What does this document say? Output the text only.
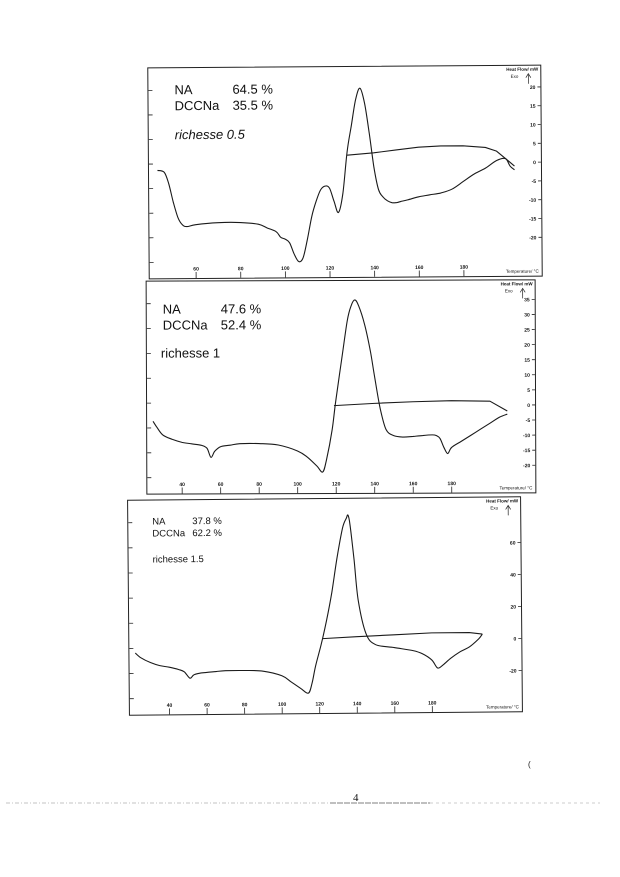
20
15
10
5
0
-5
-10
-15
-20
60	80	100	120	140	160	180
NA	64.5 %
DCCNa 35.5 %
richesse 0.5
Heat Flow/ mW
Exo
Temperature/ °C
35
30
25
20
15
10
5
0
-5
-10
-15
-20
40	60	80	100	120	140	160	180
NA	47.6 %
DCCNa 52.4 %
richesse 1
Heat Flow/ mW
Exo
Temperature/ °C
60
40
20
0
-20
40	60	80	100	120	140	160	180
NA	37.8 %
DCCNa 62.2 %
richesse 1.5
Heat Flow/ mW
Exo
Temperature/ °C
4
(
